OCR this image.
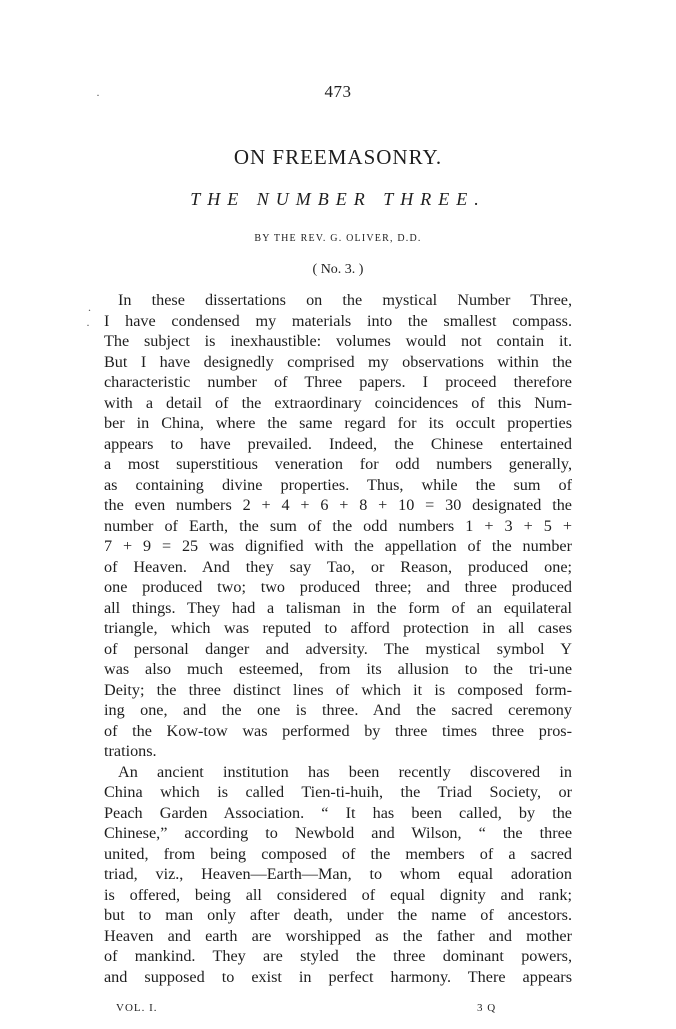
·
.
·
473
ON FREEMASONRY.
THE NUMBER THREE.
BY THE REV. G. OLIVER, D.D.
( No. 3. )
In these dissertations on the mystical Number Three,
I have condensed my materials into the smallest compass.
The subject is inexhaustible: volumes would not contain it.
But I have designedly comprised my observations within the
characteristic number of Three papers. I proceed therefore
with a detail of the extraordinary coincidences of this Num-
ber in China, where the same regard for its occult properties
appears to have prevailed. Indeed, the Chinese entertained
a most superstitious veneration for odd numbers generally,
as containing divine properties. Thus, while the sum of
the even numbers 2 + 4 + 6 + 8 + 10 = 30 designated the
number of Earth, the sum of the odd numbers 1 + 3 + 5 +
7 + 9 = 25 was dignified with the appellation of the number
of Heaven. And they say Tao, or Reason, produced one;
one produced two; two produced three; and three produced
all things. They had a talisman in the form of an equilateral
triangle, which was reputed to afford protection in all cases
of personal danger and adversity. The mystical symbol Y
was also much esteemed, from its allusion to the tri-une
Deity; the three distinct lines of which it is composed form-
ing one, and the one is three. And the sacred ceremony
of the Kow-tow was performed by three times three pros-
trations.
An ancient institution has been recently discovered in
China which is called Tien-ti-huih, the Triad Society, or
Peach Garden Association. “ It has been called, by the
Chinese,” according to Newbold and Wilson, “ the three
united, from being composed of the members of a sacred
triad, viz., Heaven—Earth—Man, to whom equal adoration
is offered, being all considered of equal dignity and rank;
but to man only after death, under the name of ancestors.
Heaven and earth are worshipped as the father and mother
of mankind. They are styled the three dominant powers,
and supposed to exist in perfect harmony. There appears
VOL. I.	3 Q
